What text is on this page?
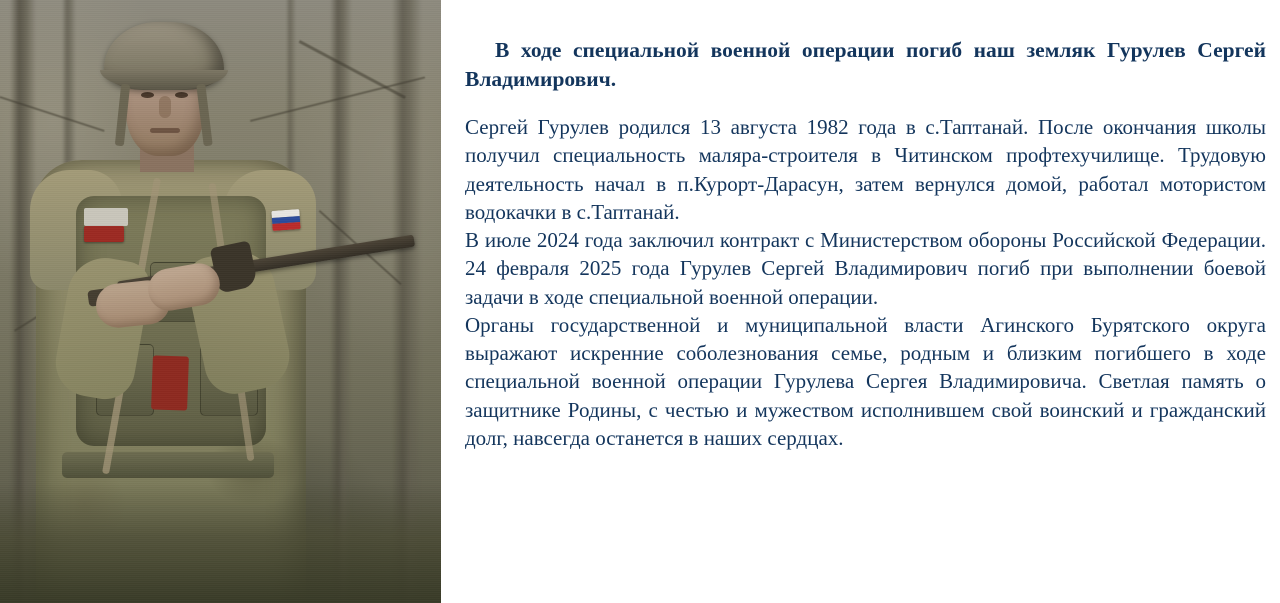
В ходе специальной военной операции погиб наш земляк Гурулев Сергей Владимирович.

Сергей Гурулев родился 13 августа 1982 года в с.Таптанай. После окончания школы получил специальность маляра-строителя в Читинском профтехучилище. Трудовую деятельность начал в п.Курорт-Дарасун, затем вернулся домой, работал мотористом водокачки в с.Таптанай.

В июле 2024 года заключил контракт с Министерством обороны Российской Федерации. 24 февраля 2025 года Гурулев Сергей Владимирович погиб при выполнении боевой задачи в ходе специальной военной операции.

Органы государственной и муниципальной власти Агинского Бурятского округа выражают искренние соболезнования семье, родным и близким погибшего в ходе специальной военной операции Гурулева Сергея Владимировича. Светлая память о защитнике Родины, с честью и мужеством исполнившем свой воинский и гражданский долг, навсегда останется в наших сердцах.
